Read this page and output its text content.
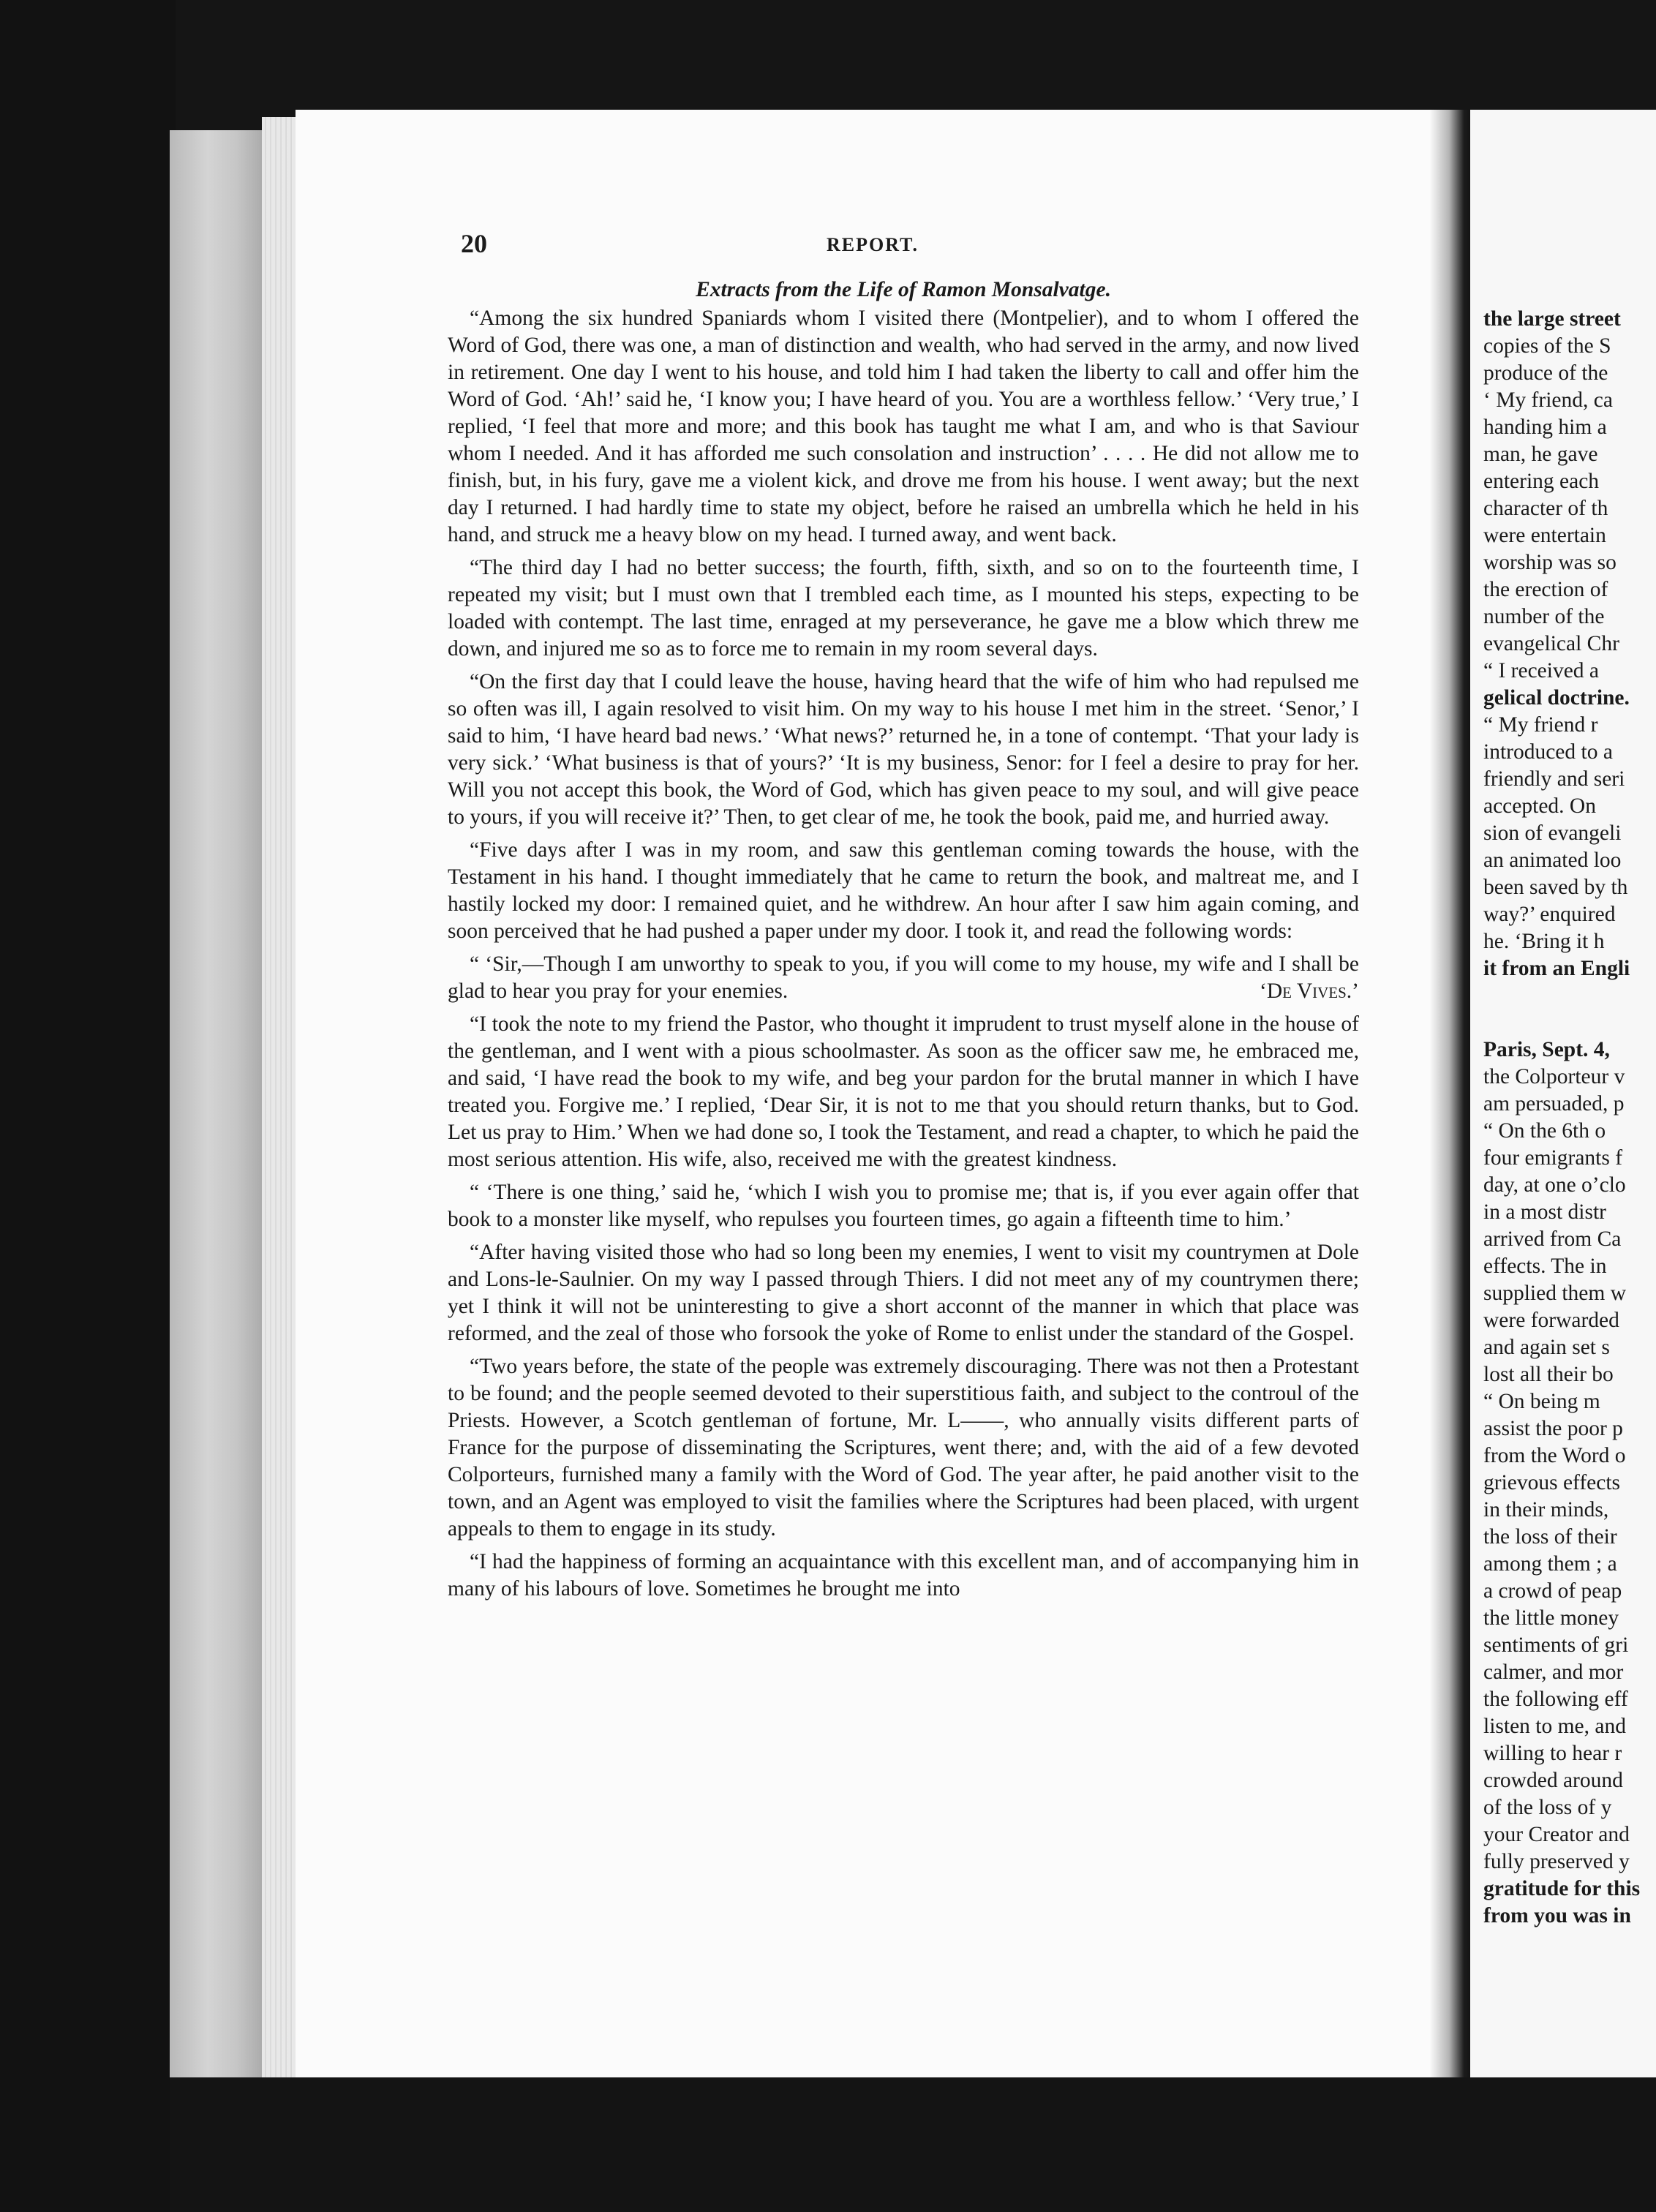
20	REPORT.
Extracts from the Life of Ramon Monsalvatge.

“Among the six hundred Spaniards whom I visited there (Montpelier), and to whom I offered the Word of God, there was one, a man of distinction and wealth, who had served in the army, and now lived in retirement. One day I went to his house, and told him I had taken the liberty to call and offer him the Word of God. ‘Ah!’ said he, ‘I know you; I have heard of you. You are a worthless fellow.’ ‘Very true,’ I replied, ‘I feel that more and more; and this book has taught me what I am, and who is that Saviour whom I needed. And it has afforded me such consolation and instruction’ . . . . He did not allow me to finish, but, in his fury, gave me a violent kick, and drove me from his house. I went away; but the next day I returned. I had hardly time to state my object, before he raised an umbrella which he held in his hand, and struck me a heavy blow on my head. I turned away, and went back.

“The third day I had no better success; the fourth, fifth, sixth, and so on to the fourteenth time, I repeated my visit; but I must own that I trembled each time, as I mounted his steps, expecting to be loaded with contempt. The last time, enraged at my perseverance, he gave me a blow which threw me down, and injured me so as to force me to remain in my room several days.

“On the first day that I could leave the house, having heard that the wife of him who had repulsed me so often was ill, I again resolved to visit him. On my way to his house I met him in the street. ‘Senor,’ I said to him, ‘I have heard bad news.’ ‘What news?’ returned he, in a tone of contempt. ‘That your lady is very sick.’ ‘What business is that of yours?’ ‘It is my business, Senor: for I feel a desire to pray for her. Will you not accept this book, the Word of God, which has given peace to my soul, and will give peace to yours, if you will receive it?’ Then, to get clear of me, he took the book, paid me, and hurried away.

“Five days after I was in my room, and saw this gentleman coming towards the house, with the Testament in his hand. I thought immediately that he came to return the book, and maltreat me, and I hastily locked my door: I remained quiet, and he withdrew. An hour after I saw him again coming, and soon perceived that he had pushed a paper under my door. I took it, and read the following words:

“ ‘Sir,—Though I am unworthy to speak to you, if you will come to my house, my wife and I shall be glad to hear you pray for your enemies.	‘De Vives.’

“I took the note to my friend the Pastor, who thought it imprudent to trust myself alone in the house of the gentleman, and I went with a pious schoolmaster. As soon as the officer saw me, he embraced me, and said, ‘I have read the book to my wife, and beg your pardon for the brutal manner in which I have treated you. Forgive me.’ I replied, ‘Dear Sir, it is not to me that you should return thanks, but to God. Let us pray to Him.’ When we had done so, I took the Testament, and read a chapter, to which he paid the most serious attention. His wife, also, received me with the greatest kindness.

“ ‘There is one thing,’ said he, ‘which I wish you to promise me; that is, if you ever again offer that book to a monster like myself, who repulses you fourteen times, go again a fifteenth time to him.’

“After having visited those who had so long been my enemies, I went to visit my countrymen at Dole and Lons-le-Saulnier. On my way I passed through Thiers. I did not meet any of my countrymen there; yet I think it will not be uninteresting to give a short acconnt of the manner in which that place was reformed, and the zeal of those who forsook the yoke of Rome to enlist under the standard of the Gospel.

“Two years before, the state of the people was extremely discouraging. There was not then a Protestant to be found; and the people seemed devoted to their superstitious faith, and subject to the controul of the Priests. However, a Scotch gentleman of fortune, Mr. L——, who annually visits different parts of France for the purpose of disseminating the Scriptures, went there; and, with the aid of a few devoted Colporteurs, furnished many a family with the Word of God. The year after, he paid another visit to the town, and an Agent was employed to visit the families where the Scriptures had been placed, with urgent appeals to them to engage in its study.

“I had the happiness of forming an acquaintance with this excellent man, and of accompanying him in many of his labours of love. Sometimes he brought me into

the large street
copies of the S
produce of the
‘ My friend, ca
handing him a
man, he gave
entering each
character of th
were entertain
worship was so
the erection of
number of the
evangelical Chr
“ I received a
gelical doctrine.
“ My friend r
introduced to a
friendly and seri
accepted. On
sion of evangeli
an animated loo
been saved by th
way?’ enquired
he. ‘Bring it h
it from an Engli
Paris, Sept. 4,
the Colporteur v
am persuaded, p
“ On the 6th o
four emigrants f
day, at one o’clo
in a most distr
arrived from Ca
effects. The in
supplied them w
were forwarded
and again set s
lost all their bo
“ On being m
assist the poor p
from the Word o
grievous effects
in their minds,
the loss of their
among them ; a
a crowd of peap
the little money
sentiments of gri
calmer, and mor
the following eff
listen to me, and
willing to hear r
crowded around
of the loss of y
your Creator and
fully preserved y
gratitude for this
from you was in
